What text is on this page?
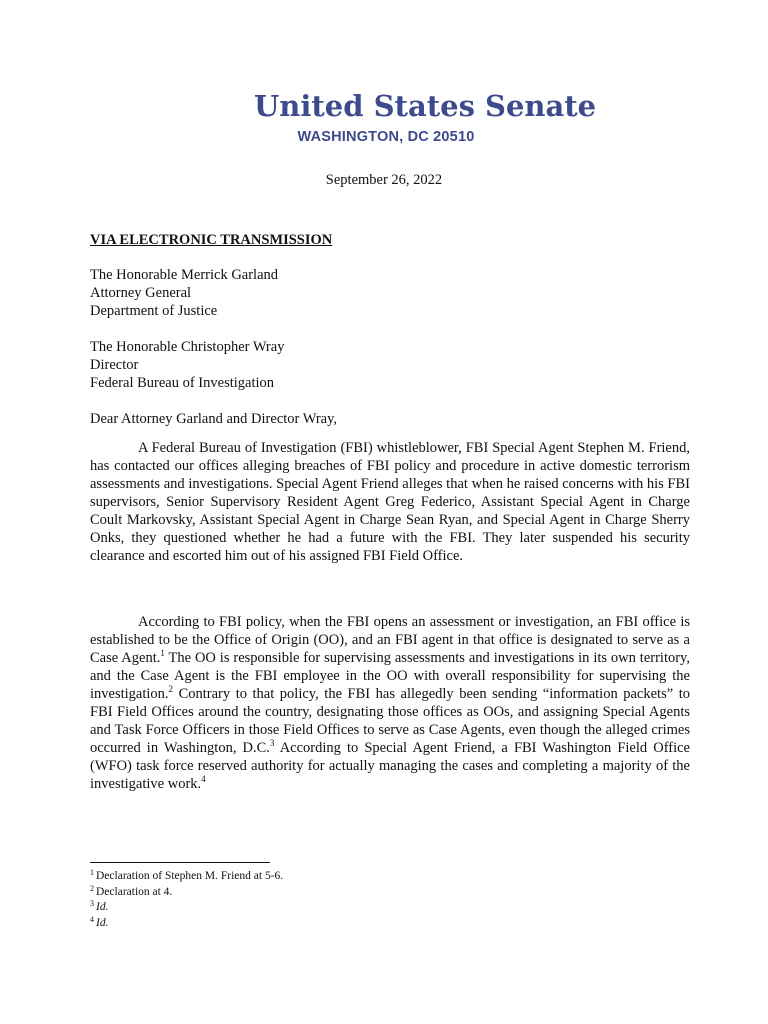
United States Senate
WASHINGTON, DC 20510
September 26, 2022
VIA ELECTRONIC TRANSMISSION

The Honorable Merrick Garland

Attorney General

Department of Justice

The Honorable Christopher Wray

Director

Federal Bureau of Investigation

Dear Attorney Garland and Director Wray,

A Federal Bureau of Investigation (FBI) whistleblower, FBI Special Agent Stephen M. Friend, has contacted our offices alleging breaches of FBI policy and procedure in active domestic terrorism assessments and investigations. Special Agent Friend alleges that when he raised concerns with his FBI supervisors, Senior Supervisory Resident Agent Greg Federico, Assistant Special Agent in Charge Coult Markovsky, Assistant Special Agent in Charge Sean Ryan, and Special Agent in Charge Sherry Onks, they questioned whether he had a future with the FBI. They later suspended his security clearance and escorted him out of his assigned FBI Field Office.

According to FBI policy, when the FBI opens an assessment or investigation, an FBI office is established to be the Office of Origin (OO), and an FBI agent in that office is designated to serve as a Case Agent.$^1$ The OO is responsible for supervising assessments and investigations in its own territory, and the Case Agent is the FBI employee in the OO with overall responsibility for supervising the investigation.$^2$ Contrary to that policy, the FBI has allegedly been sending “information packets” to FBI Field Offices around the country, designating those offices as OOs, and assigning Special Agents and Task Force Officers in those Field Offices to serve as Case Agents, even though the alleged crimes occurred in Washington, D.C.$^3$ According to Special Agent Friend, a FBI Washington Field Office (WFO) task force reserved authority for actually managing the cases and completing a majority of the investigative work.$^4$

$^1$ Declaration of Stephen M. Friend at 5-6.
$^2$ Declaration at 4.
$^3$ Id.
$^4$ Id.
